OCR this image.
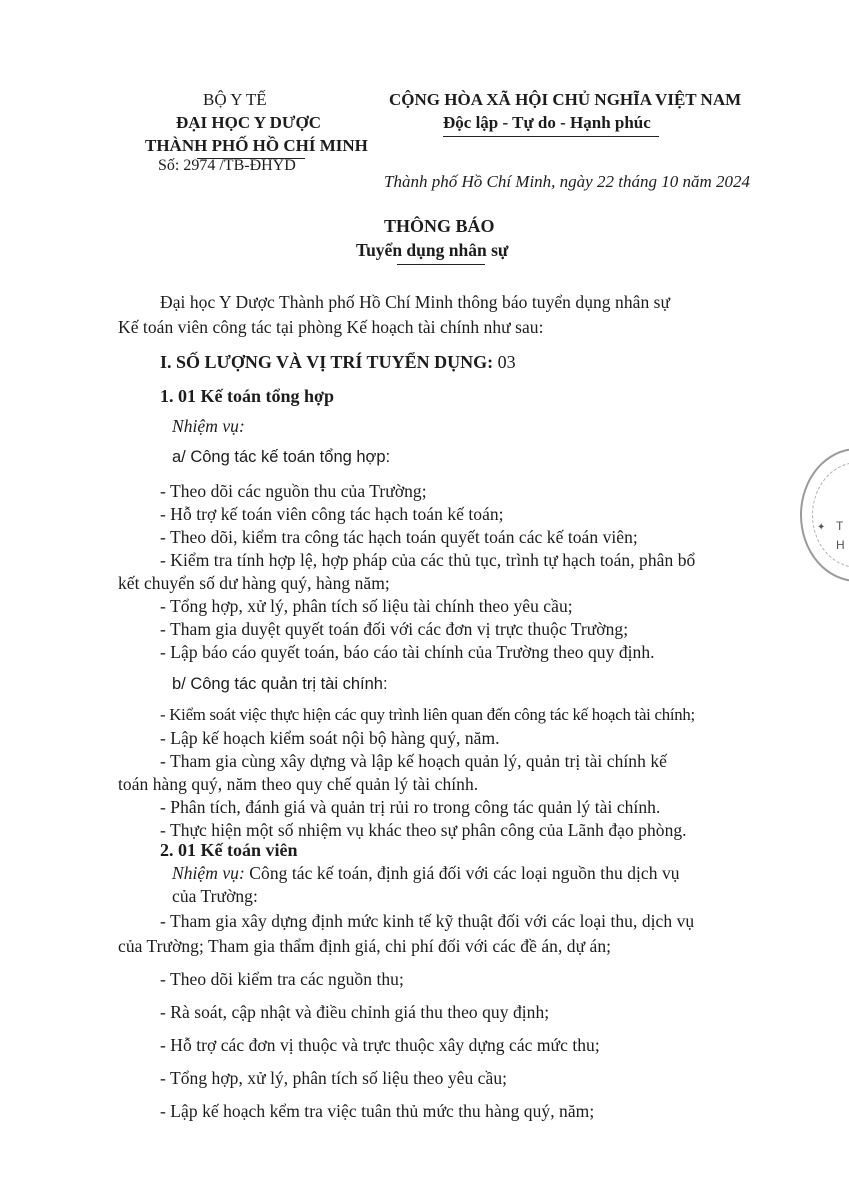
BỘ Y TẾ
ĐẠI HỌC Y DƯỢC
THÀNH PHỐ HỒ CHÍ MINH
Số: 2974 /TB-ĐHYD
CỘNG HÒA XÃ HỘI CHỦ NGHĨA VIỆT NAM
Độc lập - Tự do - Hạnh phúc
Thành phố Hồ Chí Minh, ngày 22 tháng 10 năm 2024
THÔNG BÁO
Tuyển dụng nhân sự
Đại học Y Dược Thành phố Hồ Chí Minh thông báo tuyển dụng nhân sự
Kế toán viên công tác tại phòng Kế hoạch tài chính như sau:
I. SỐ LƯỢNG VÀ VỊ TRÍ TUYỂN DỤNG: 03
1. 01 Kế toán tổng hợp
Nhiệm vụ:
a/ Công tác kế toán tổng hợp:
- Theo dõi các nguồn thu của Trường;
- Hỗ trợ kế toán viên công tác hạch toán kế toán;
- Theo dõi, kiểm tra công tác hạch toán quyết toán các kế toán viên;
- Kiểm tra tính hợp lệ, hợp pháp của các thủ tục, trình tự hạch toán, phân bổ
kết chuyển số dư hàng quý, hàng năm;
- Tổng hợp, xử lý, phân tích số liệu tài chính theo yêu cầu;
- Tham gia duyệt quyết toán đối với các đơn vị trực thuộc Trường;
- Lập báo cáo quyết toán, báo cáo tài chính của Trường theo quy định.
b/ Công tác quản trị tài chính:
- Kiểm soát việc thực hiện các quy trình liên quan đến công tác kế hoạch tài chính;
- Lập kế hoạch kiểm soát nội bộ hàng quý, năm.
- Tham gia cùng xây dựng và lập kế hoạch quản lý, quản trị tài chính kế
toán hàng quý, năm theo quy chế quản lý tài chính.
- Phân tích, đánh giá và quản trị rủi ro trong công tác quản lý tài chính.
- Thực hiện một số nhiệm vụ khác theo sự phân công của Lãnh đạo phòng.
2. 01 Kế toán viên
Nhiệm vụ: Công tác kế toán, định giá đối với các loại nguồn thu dịch vụ
của Trường:
- Tham gia xây dựng định mức kinh tế kỹ thuật đối với các loại thu, dịch vụ
của Trường; Tham gia thẩm định giá, chi phí đối với các đề án, dự án;
- Theo dõi kiểm tra các nguồn thu;
- Rà soát, cập nhật và điều chỉnh giá thu theo quy định;
- Hỗ trợ các đơn vị thuộc và trực thuộc xây dựng các mức thu;
- Tổng hợp, xử lý, phân tích số liệu theo yêu cầu;
- Lập kế hoạch kểm tra việc tuân thủ mức thu hàng quý, năm;
T
H
✦
